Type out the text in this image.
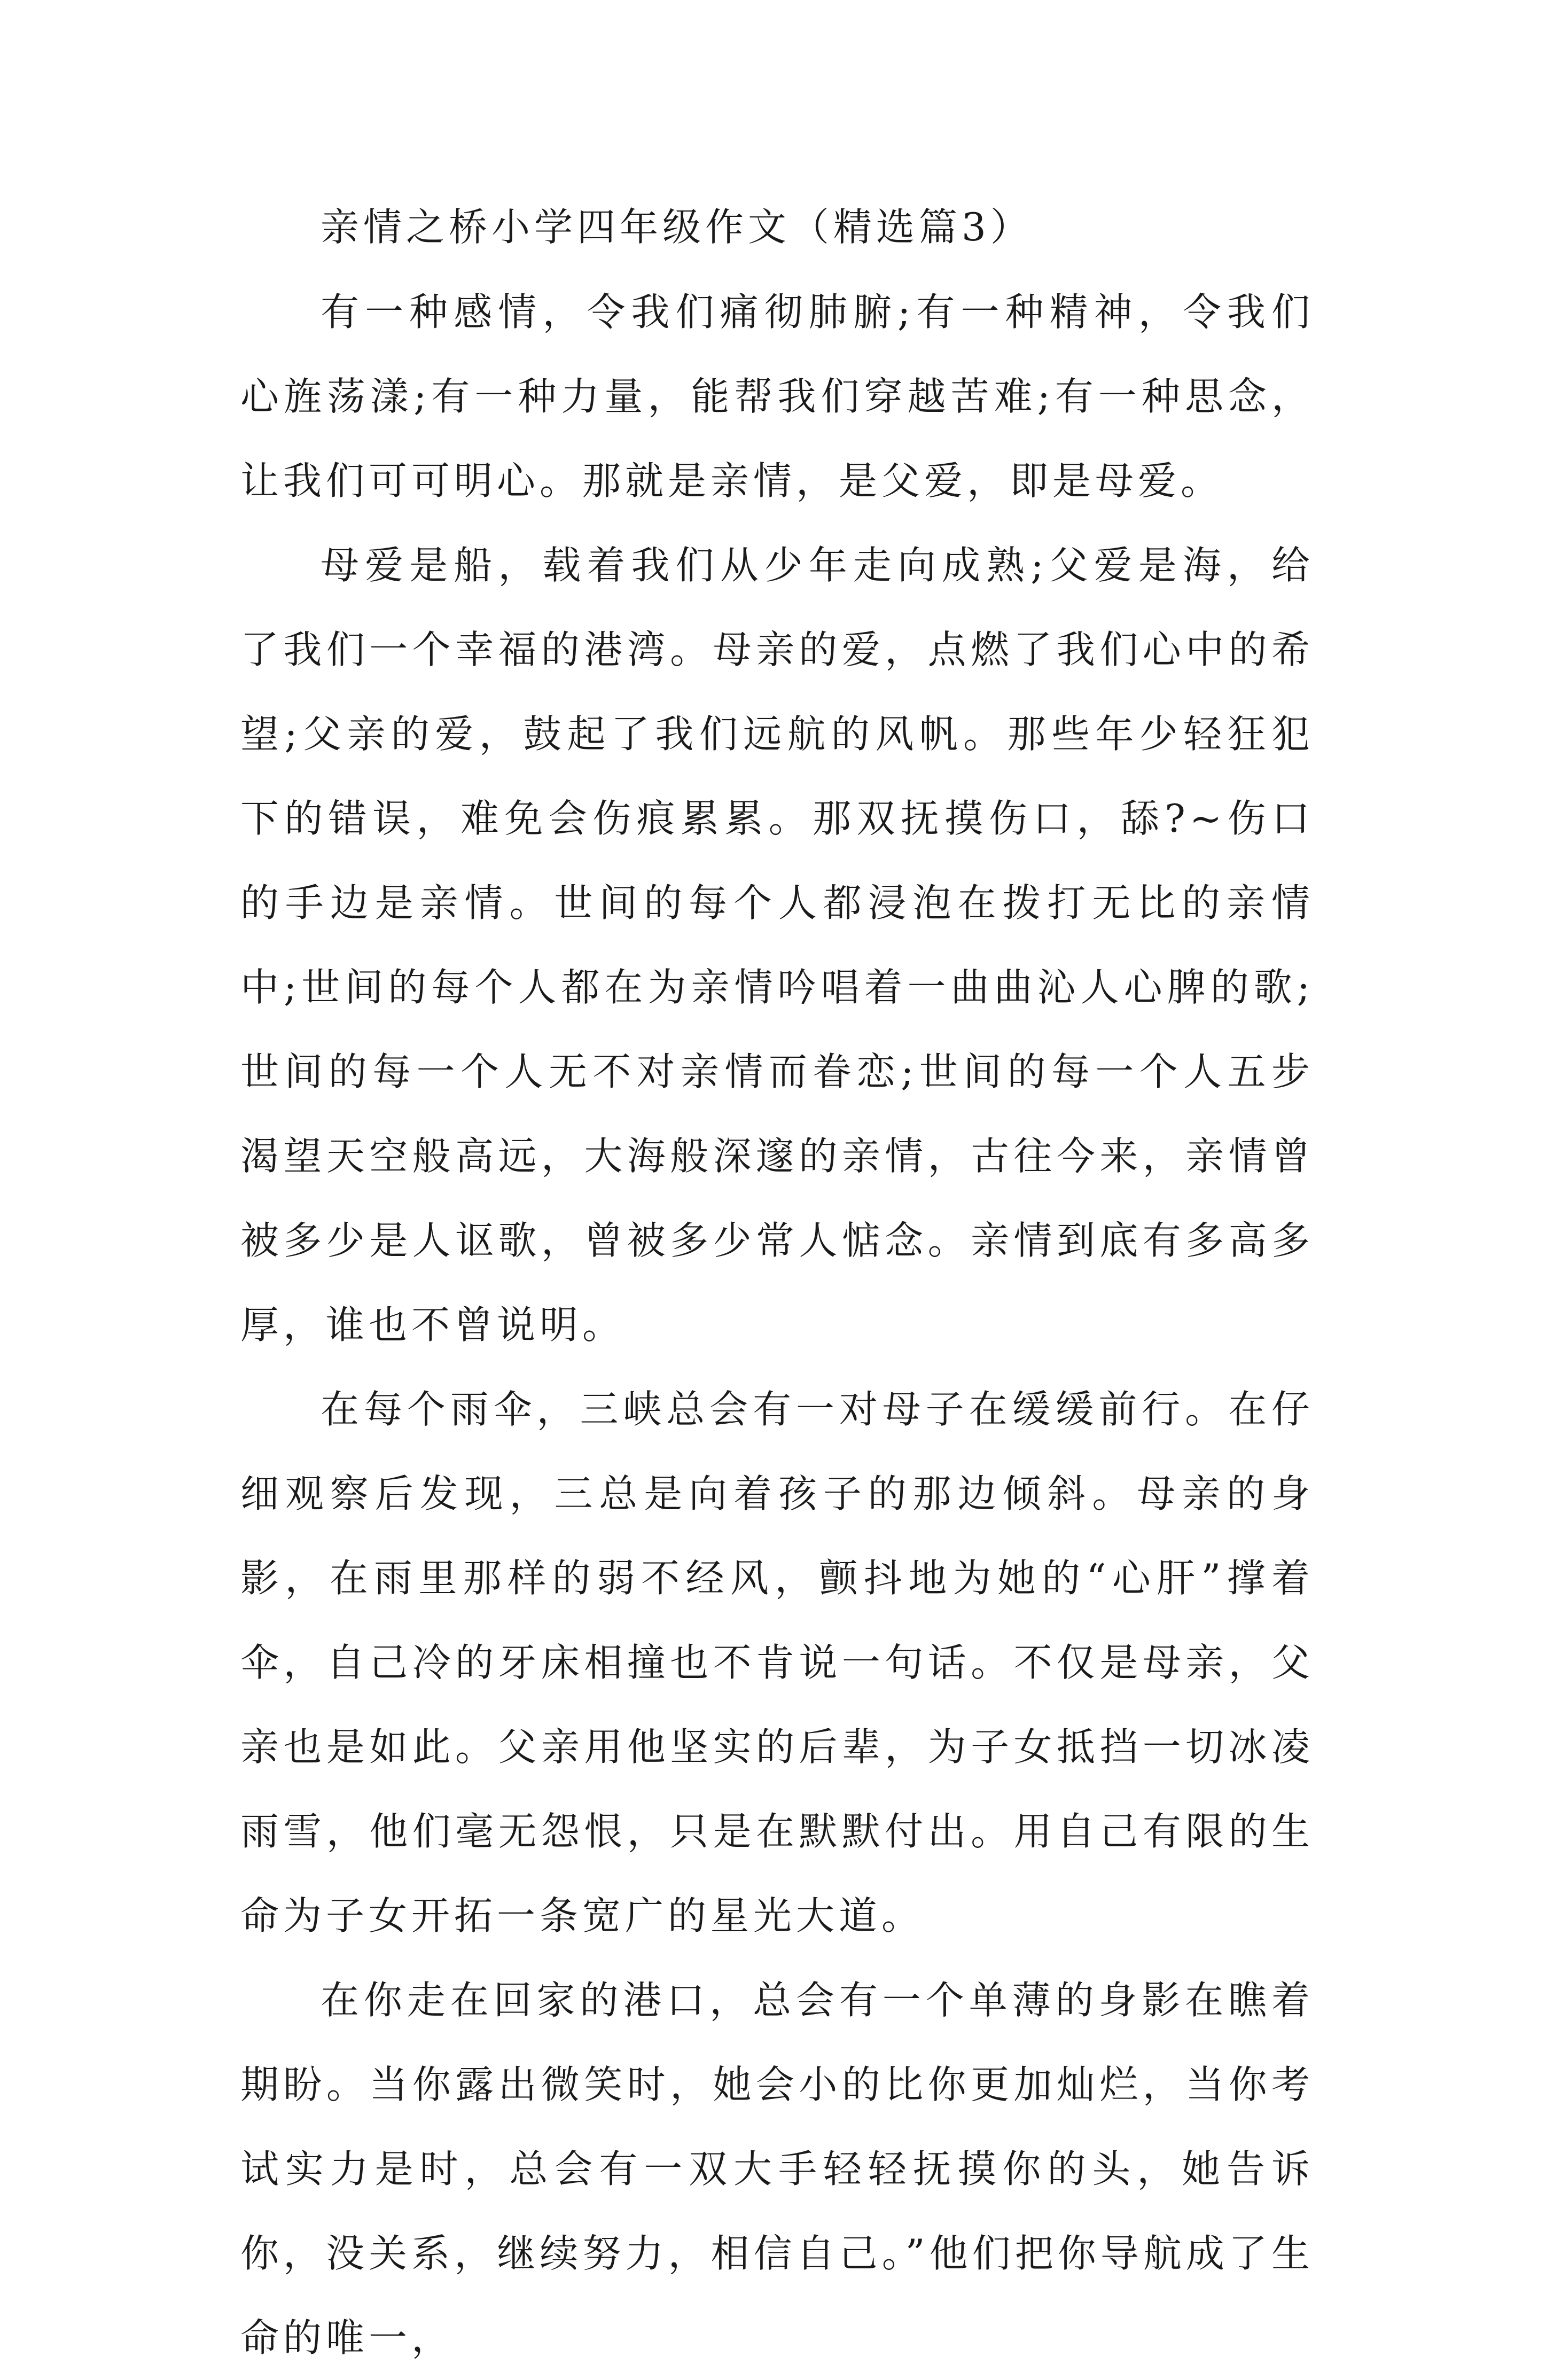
亲情之桥小学四年级作文（精选篇3）

有一种感情，令我们痛彻肺腑;有一种精神，令我们心旌荡漾;有一种力量，能帮我们穿越苦难;有一种思念，让我们可可明心。那就是亲情，是父爱，即是母爱。

母爱是船，载着我们从少年走向成熟;父爱是海，给了我们一个幸福的港湾。母亲的爱，点燃了我们心中的希望;父亲的爱，鼓起了我们远航的风帆。那些年少轻狂犯下的错误，难免会伤痕累累。那双抚摸伤口，舔?~伤口的手边是亲情。世间的每个人都浸泡在拨打无比的亲情中;世间的每个人都在为亲情吟唱着一曲曲沁人心脾的歌;世间的每一个人无不对亲情而眷恋;世间的每一个人五步渴望天空般高远，大海般深邃的亲情，古往今来，亲情曾被多少是人讴歌，曾被多少常人惦念。亲情到底有多高多厚，谁也不曾说明。

在每个雨伞，三峡总会有一对母子在缓缓前行。在仔细观察后发现，三总是向着孩子的那边倾斜。母亲的身影，在雨里那样的弱不经风，颤抖地为她的“心肝”撑着伞，自己冷的牙床相撞也不肯说一句话。不仅是母亲，父亲也是如此。父亲用他坚实的后辈，为子女抵挡一切冰凌雨雪，他们毫无怨恨，只是在默默付出。用自己有限的生命为子女开拓一条宽广的星光大道。

在你走在回家的港口，总会有一个单薄的身影在瞧着期盼。当你露出微笑时，她会小的比你更加灿烂，当你考试实力是时，总会有一双大手轻轻抚摸你的头，她告诉你，没关系，继续努力，相信自己。”他们把你导航成了生命的唯一，
